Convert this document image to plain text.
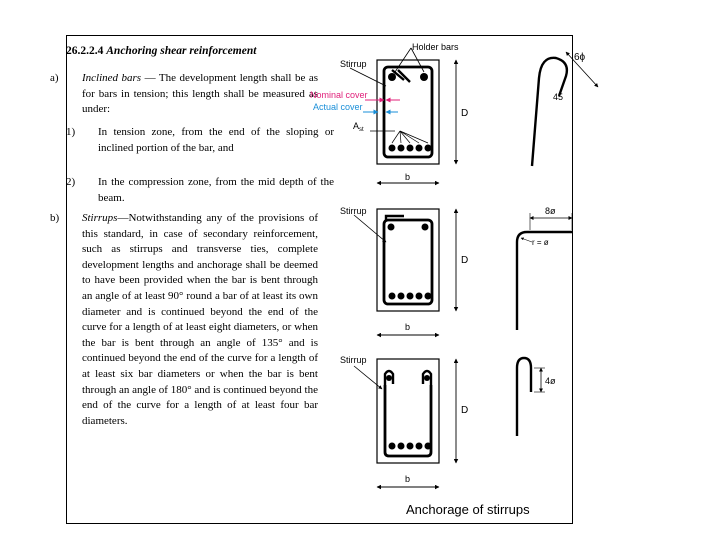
26.2.2.4 Anchoring shear reinforcement
a) Inclined bars — The development length shall be as for bars in tension; this length shall be measured as under:
1) In tension zone, from the end of the sloping or inclined portion of the bar, and
2) In the compression zone, from the mid depth of the beam.
b) Stirrups—Notwithstanding any of the provisions of this standard, in case of secondary reinforcement, such as stirrups and transverse ties, complete development lengths and anchorage shall be deemed to have been provided when the bar is bent through an angle of at least 90° round a bar of at least its own diameter and is continued beyond the end of the curve for a length of at least eight diameters, or when the bar is bent through an angle of 135° and is continued beyond the end of the curve for a length of at least six bar diameters or when the bar is bent through an angle of 180° and is continued beyond the end of the curve for a length of at least four bar diameters.
Holder bars
Stirrup
Nominal cover
Actual cover
$A_{st}$
D
b
6ϕ
45
Stirrup
D
b
8ø
r = ø
Stirrup
D
b
4ø
Anchorage of stirrups
